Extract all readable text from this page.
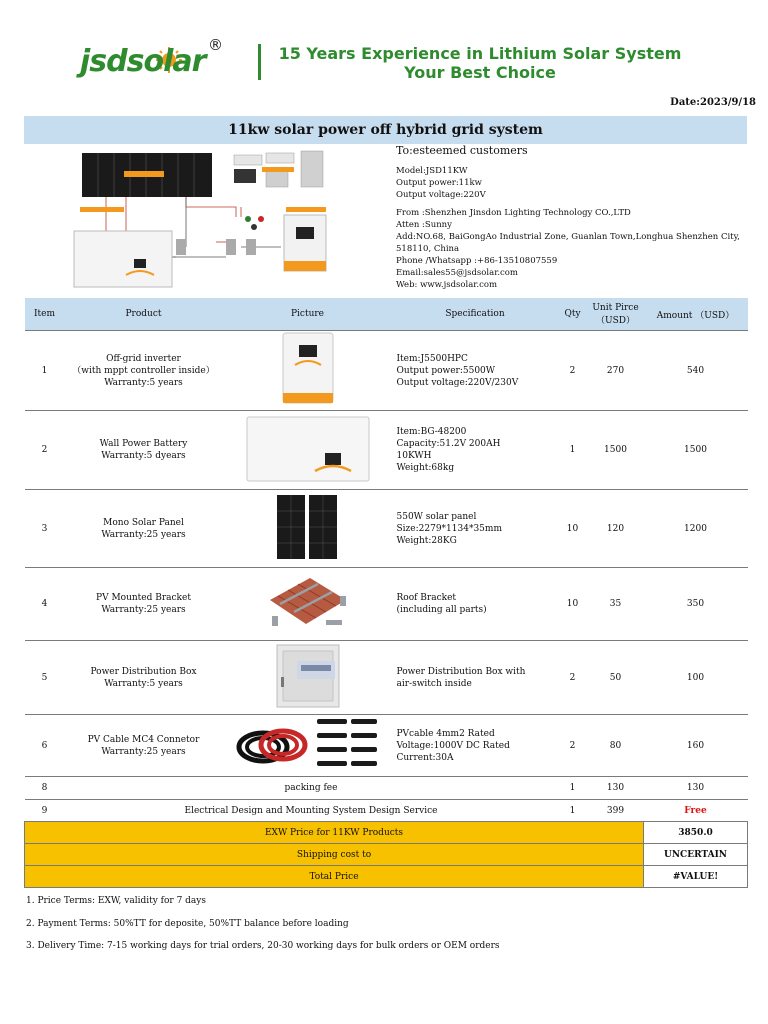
jsdsolar ®	15 Years Experience in Lithium Solar System
Your Best Choice
Date:2023/9/18
11kw solar power off hybrid grid system
To:esteemed customers
Model:JSD11KW
Output power:11kw
Output voltage:220V
From :Shenzhen Jinsdon Lighting Technology CO.,LTD
Atten :Sunny
Add:NO.68, BaiGongAo Industrial Zone, Guanlan Town,Longhua Shenzhen City, 518110, China
Phone /Whatsapp :+86-13510807559
Email:sales55@jsdsolar.com
Web: www.jsdsolar.com
Item	Product	Picture	Specification	Qty	Unit Pirce（USD）	Amount （USD）
1	Off-grid inverter
（with mppt controller inside）
Warranty:5 years		Item:J5500HPC
Output power:5500W
Output voltage:220V/230V	2	270	540
2	Wall Power Battery
Warranty:5 dyears		Item:BG-48200
Capacity:51.2V 200AH
10KWH
Weight:68kg	1	1500	1500
3	Mono Solar Panel
Warranty:25 years		550W solar panel
Size:2279*1134*35mm
Weight:28KG	10	120	1200
4	PV Mounted Bracket
Warranty:25 years		Roof Bracket
(including all parts)	10	35	350
5	Power Distribution Box
Warranty:5 years		Power Distribution Box with
air-switch inside	2	50	100
6	PV Cable MC4 Connetor
Warranty:25 years		PVcable 4mm2 Rated
Voltage:1000V DC Rated
Current:30A	2	80	160
8	packing fee			1	130	130
9	Electrical Design and Mounting System Design Service			1	399	Free
EXW Price for 11KW Products						3850.0
Shipping cost to						UNCERTAIN
Total Price						#VALUE!
1. Price Terms: EXW, validity for 7 days
2. Payment Terms: 50%TT for deposite, 50%TT balance before loading
3. Delivery Time: 7-15 working days for trial orders, 20-30 working days for bulk orders or OEM orders
